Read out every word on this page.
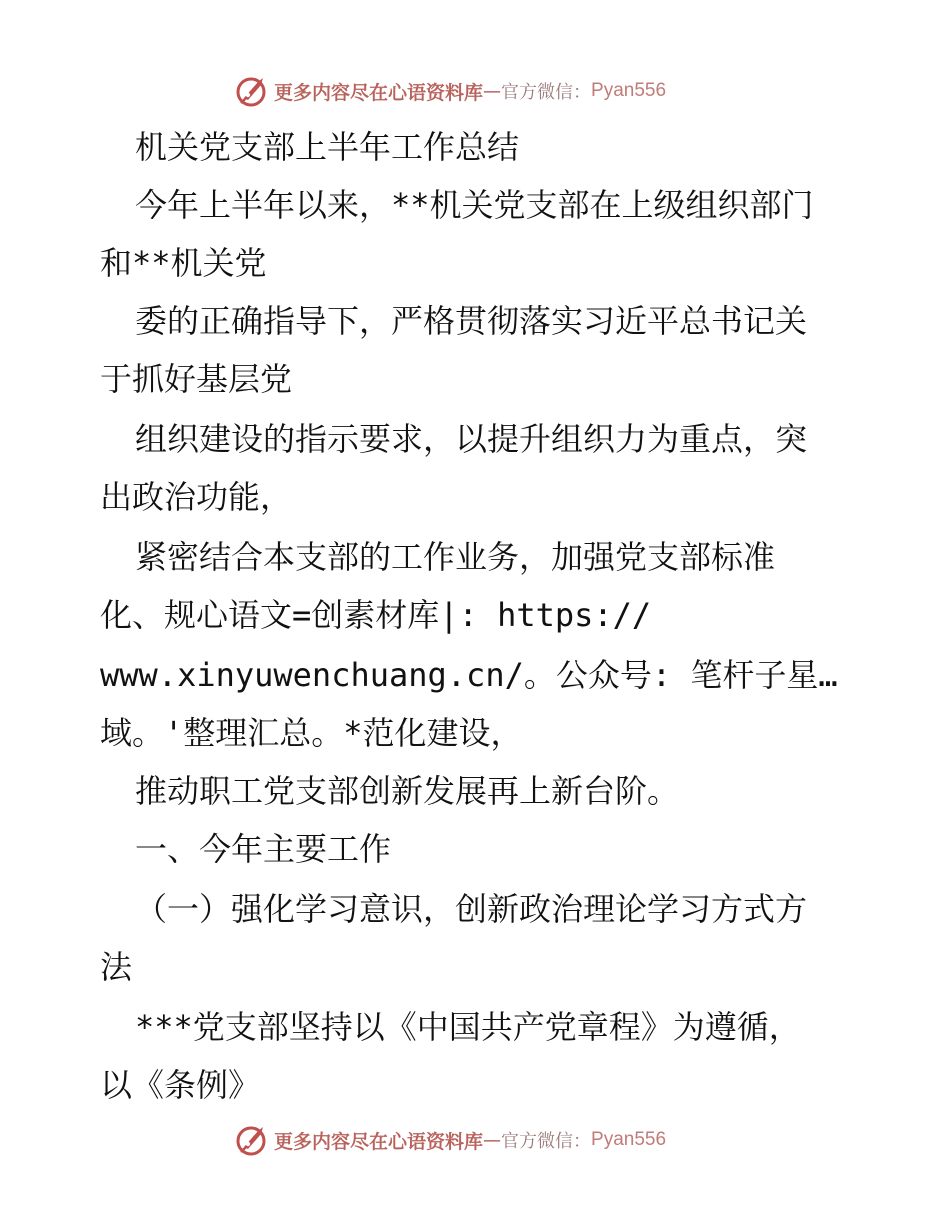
更多内容尽在心语资料库 — 官方微信： Pyan556
机关党支部上半年工作总结
今年上半年以来，**机关党支部在上级组织部门
和**机关党
委的正确指导下，严格贯彻落实习近平总书记关
于抓好基层党
组织建设的指示要求，以提升组织力为重点，突
出政治功能，
紧密结合本支部的工作业务，加强党支部标准
化、规心语文=创素材库|: https://
www.xinyuwenchuang.cn/。公众号: 笔杆子星…
域。'整理汇总。*范化建设，
推动职工党支部创新发展再上新台阶。
一、今年主要工作
（一）强化学习意识，创新政治理论学习方式方
法
***党支部坚持以《中国共产党章程》为遵循，
以《条例》
更多内容尽在心语资料库 — 官方微信： Pyan556
